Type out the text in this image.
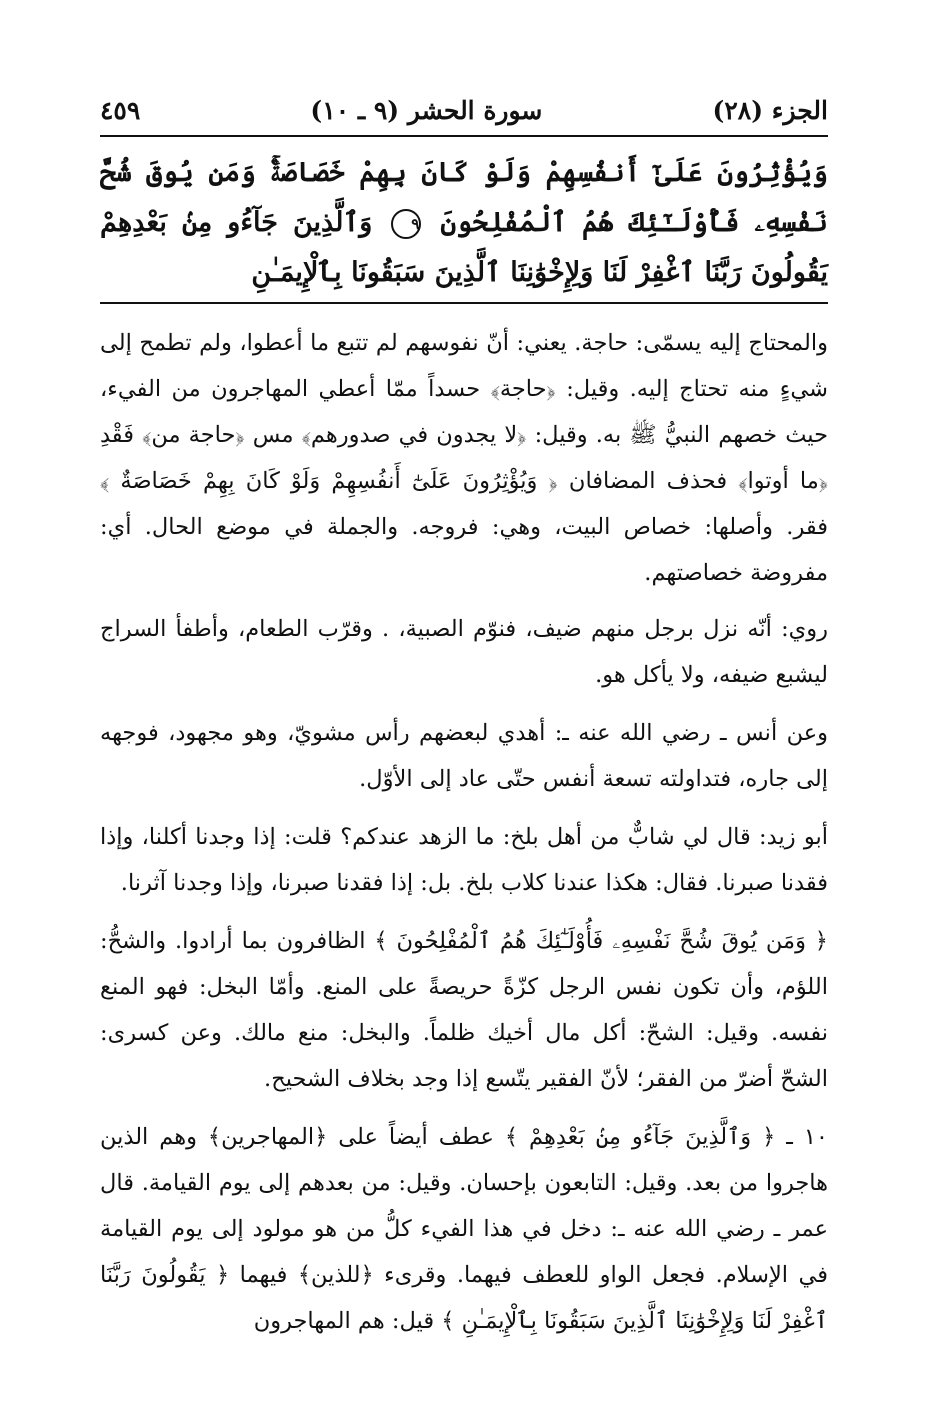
الجزء (٢٨)
سورة الحشر (٩ ـ ١٠)
٤٥٩
وَيُؤْثِرُونَ عَلَىٰٓ أَنفُسِهِمْ وَلَوْ كَانَ بِهِمْ خَصَاصَةٌۚ وَمَن يُوقَ شُحَّ نَفْسِهِۦ فَأُوْلَـٰٓئِكَ هُمُ ٱلْمُفْلِحُونَ ٩ وَٱلَّذِينَ جَآءُو مِنۢ بَعْدِهِمْ يَقُولُونَ رَبَّنَا ٱغْفِرْ لَنَا وَلِإِخْوَٰنِنَا ٱلَّذِينَ سَبَقُونَا بِٱلْإِيمَـٰنِ

والمحتاج إليه يسمّى: حاجة. يعني: أنّ نفوسهم لم تتبع ما أعطوا، ولم تطمح إلى شيءٍ منه تحتاج إليه. وقيل: ﴿حاجة﴾ حسداً ممّا أعطي المهاجرون من الفيء، حيث خصهم النبيُّ ﷺ به. وقيل: ﴿لا يجدون في صدورهم﴾ مس ﴿حاجة من﴾ فَقْدِ ﴿ما أوتوا﴾ فحذف المضافان ﴿ وَيُؤْثِرُونَ عَلَىٰٓ أَنفُسِهِمْ وَلَوْ كَانَ بِهِمْ خَصَاصَةٌ ﴾ فقر. وأصلها: خصاص البيت، وهي: فروجه. والجملة في موضع الحال. أي: مفروضة خصاصتهم.

روي: أنّه نزل برجل منهم ضيف، فنوّم الصبية، . وقرّب الطعام، وأطفأ السراج ليشبع ضيفه، ولا يأكل هو.

وعن أنس ـ رضي الله عنه ـ: أهدي لبعضهم رأس مشويّ، وهو مجهود، فوجهه إلى جاره، فتداولته تسعة أنفس حتّى عاد إلى الأوّل.

أبو زيد: قال لي شابٌّ من أهل بلخ: ما الزهد عندكم؟ قلت: إذا وجدنا أكلنا، وإذا فقدنا صبرنا. فقال: هكذا عندنا كلاب بلخ. بل: إذا فقدنا صبرنا، وإذا وجدنا آثرنا.

﴿ وَمَن يُوقَ شُحَّ نَفْسِهِۦ فَأُوْلَـٰٓئِكَ هُمُ ٱلْمُفْلِحُونَ ﴾ الظافرون بما أرادوا. والشحُّ: اللؤم، وأن تكون نفس الرجل كزّةً حريصةً على المنع. وأمّا البخل: فهو المنع نفسه. وقيل: الشحّ: أكل مال أخيك ظلماً. والبخل: منع مالك. وعن كسرى: الشحّ أضرّ من الفقر؛ لأنّ الفقير يتّسع إذا وجد بخلاف الشحيح.

١٠ ـ ﴿ وَٱلَّذِينَ جَآءُو مِنۢ بَعْدِهِمْ ﴾ عطف أيضاً على ﴿المهاجرين﴾ وهم الذين هاجروا من بعد. وقيل: التابعون بإحسان. وقيل: من بعدهم إلى يوم القيامة. قال عمر ـ رضي الله عنه ـ: دخل في هذا الفيء كلُّ من هو مولود إلى يوم القيامة في الإسلام. فجعل الواو للعطف فيهما. وقرىء ﴿للذين﴾ فيهما ﴿ يَقُولُونَ رَبَّنَا ٱغْفِرْ لَنَا وَلِإِخْوَٰنِنَا ٱلَّذِينَ سَبَقُونَا بِٱلْإِيمَـٰنِ ﴾ قيل: هم المهاجرون
